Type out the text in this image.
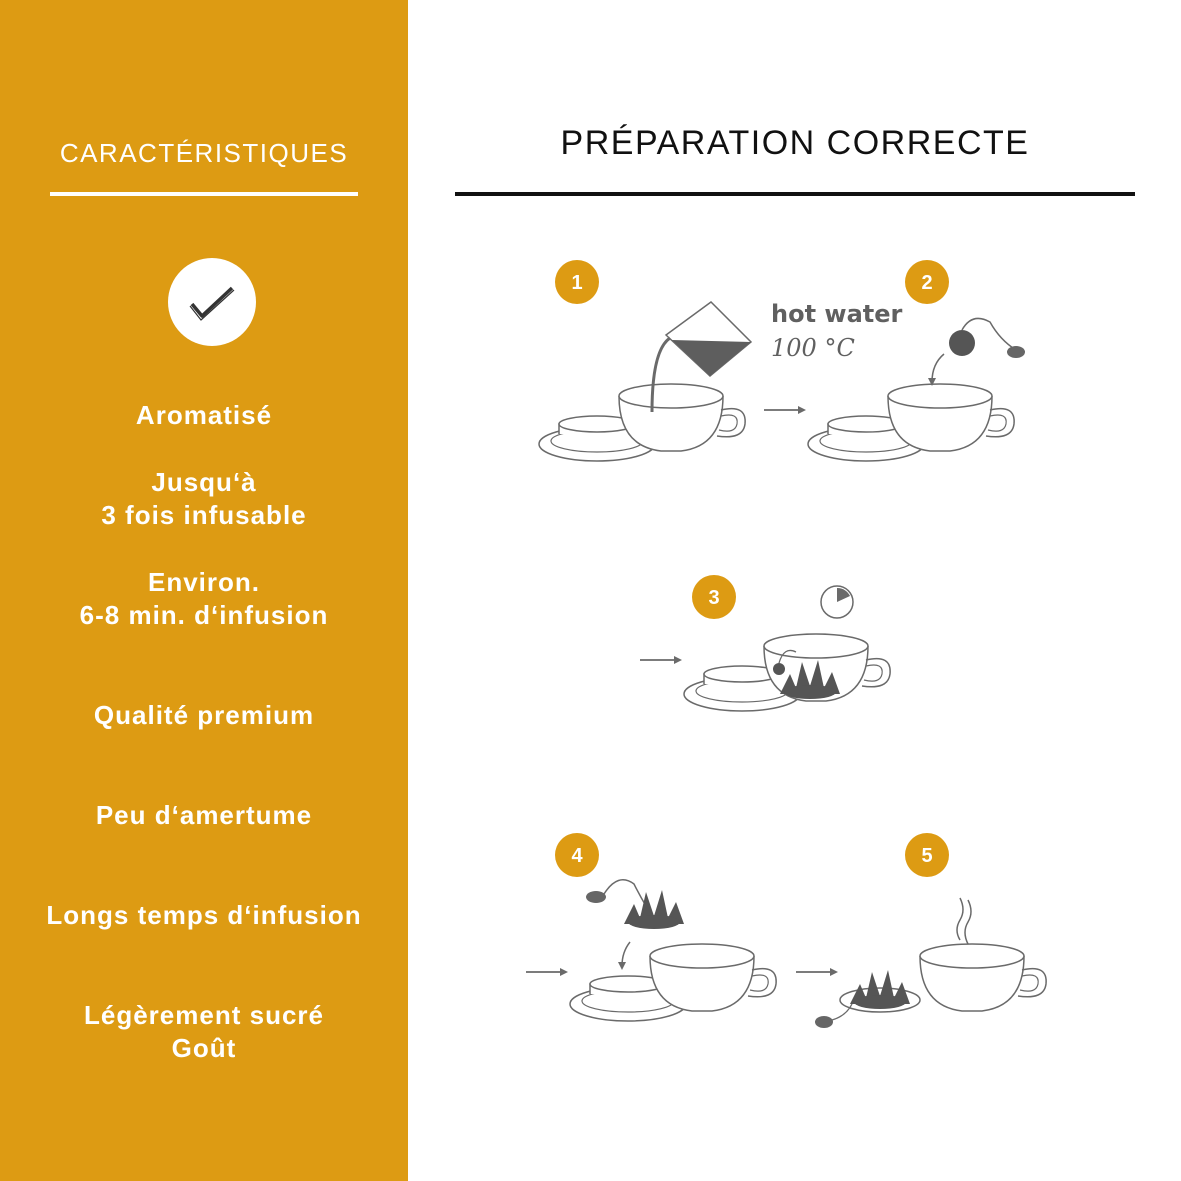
CARACTÉRISTIQUES
Aromatisé
Jusqu‘à
3 fois infusable
Environ.
6-8 min. d‘infusion
Qualité premium
Peu d‘amertume
Longs temps d‘infusion
Légèrement sucré
Goût
PRÉPARATION CORRECTE
1
hot water
100 °C
2
3
4	5
